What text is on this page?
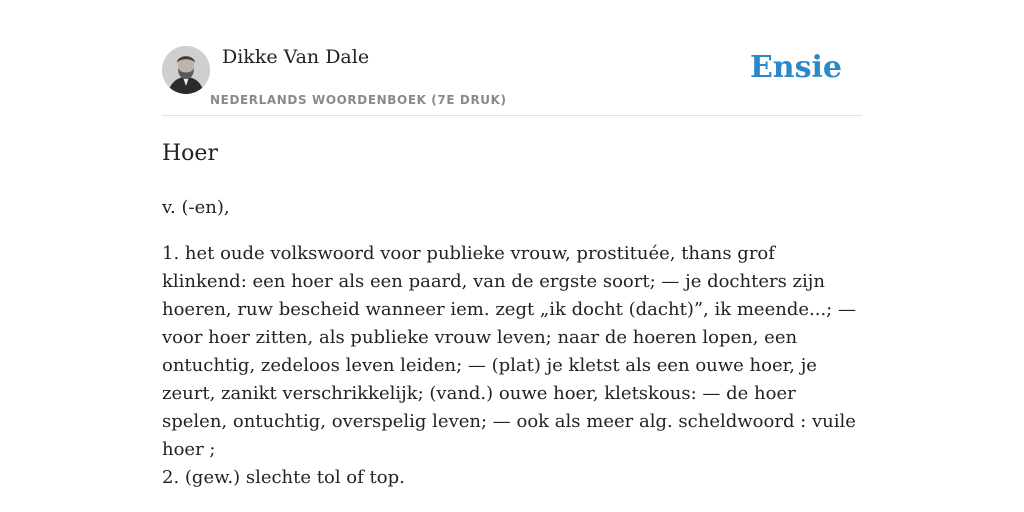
Dikke Van Dale
NEDERLANDS WOORDENBOEK (7E DRUK)
Ensie
Hoer
v. (-en),

1. het oude volkswoord voor publieke vrouw, prostituée, thans grof klinkend: een hoer als een paard, van de ergste soort; — je dochters zijn hoeren, ruw bescheid wanneer iem. zegt „ik docht (dacht)”, ik meende...; — voor hoer zitten, als publieke vrouw leven; naar de hoeren lopen, een ontuchtig, zedeloos leven leiden; — (plat) je kletst als een ouwe hoer, je zeurt, zanikt verschrikkelijk; (vand.) ouwe hoer, kletskous: — de hoer spelen, ontuchtig, overspelig leven; — ook als meer alg. scheldwoord : vuile hoer ;

2. (gew.) slechte tol of top.
